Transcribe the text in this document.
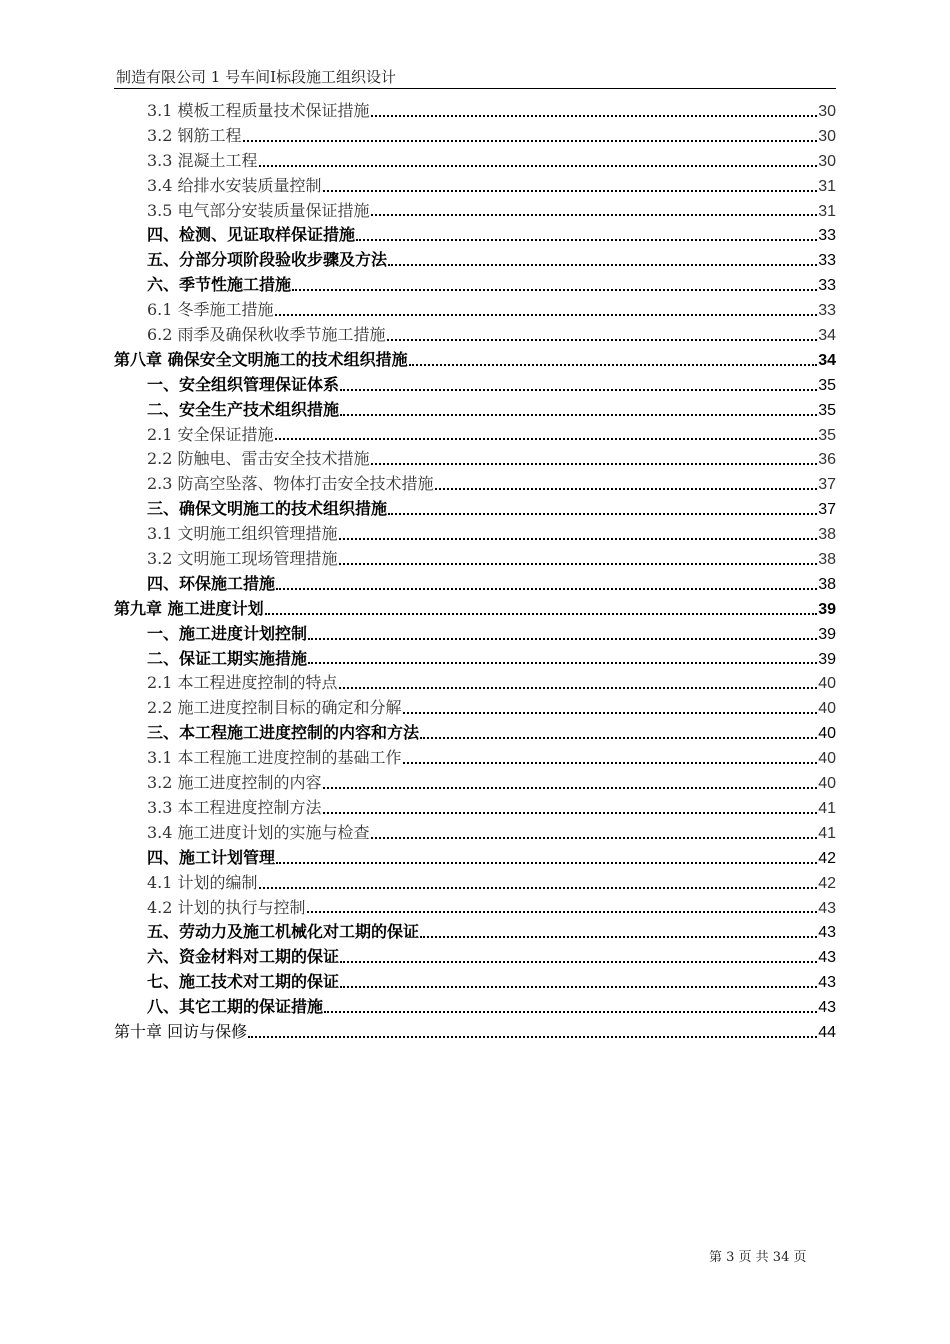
制造有限公司 1 号车间Ⅰ标段施工组织设计
3.1 模板工程质量技术保证措施	30
3.2 钢筋工程	30
3.3 混凝土工程	30
3.4 给排水安装质量控制	31
3.5 电气部分安装质量保证措施	31
四、检测、见证取样保证措施	33
五、分部分项阶段验收步骤及方法	33
六、季节性施工措施	33
6.1 冬季施工措施	33
6.2 雨季及确保秋收季节施工措施	34
第八章 确保安全文明施工的技术组织措施	34
一、安全组织管理保证体系	35
二、安全生产技术组织措施	35
2.1 安全保证措施	35
2.2 防触电、雷击安全技术措施	36
2.3 防高空坠落、物体打击安全技术措施	37
三、确保文明施工的技术组织措施	37
3.1 文明施工组织管理措施	38
3.2 文明施工现场管理措施	38
四、环保施工措施	38
第九章 施工进度计划	39
一、施工进度计划控制	39
二、保证工期实施措施	39
2.1 本工程进度控制的特点	40
2.2 施工进度控制目标的确定和分解	40
三、本工程施工进度控制的内容和方法	40
3.1 本工程施工进度控制的基础工作	40
3.2 施工进度控制的内容	40
3.3 本工程进度控制方法	41
3.4 施工进度计划的实施与检查	41
四、施工计划管理	42
4.1 计划的编制	42
4.2 计划的执行与控制	43
五、劳动力及施工机械化对工期的保证	43
六、资金材料对工期的保证	43
七、施工技术对工期的保证	43
八、其它工期的保证措施	43
第十章 回访与保修	44
第 3 页 共 34 页
